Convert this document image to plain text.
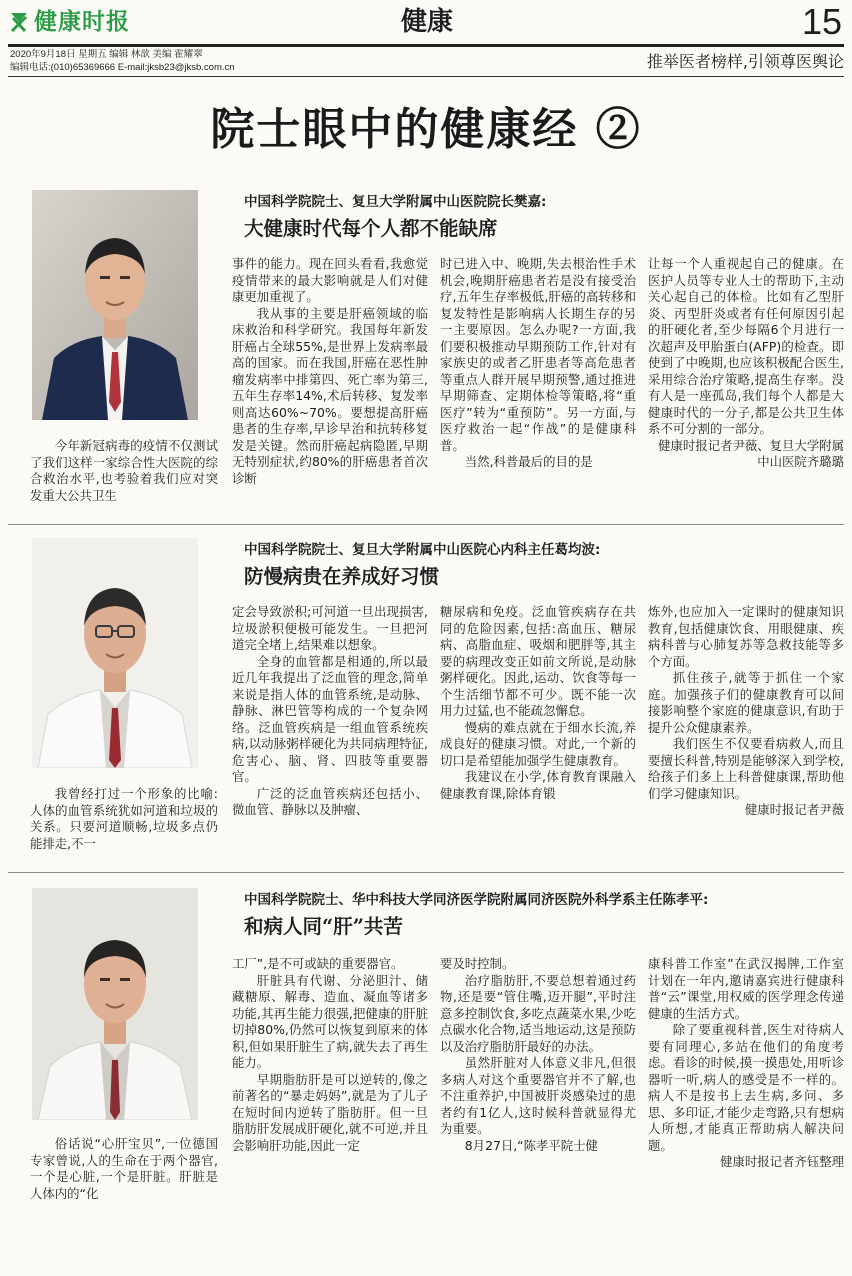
健康时报	健康	15
2020年9月18日 星期五 编辑 林歆 美编 霍耀翠
编辑电话:(010)65369666 E-mail:jksb23@jksb.com.cn	推举医者榜样,引领尊医舆论
院士眼中的健康经 ②
中国科学院院士、复旦大学附属中山医院院长樊嘉:
大健康时代每个人都不能缺席
今年新冠病毒的疫情不仅测试了我们这样一家综合性大医院的综合救治水平,也考验着我们应对突发重大公共卫生

事件的能力。现在回头看看,我愈觉疫情带来的最大影响就是人们对健康更加重视了。

我从事的主要是肝癌领域的临床救治和科学研究。我国每年新发肝癌占全球55%,是世界上发病率最高的国家。而在我国,肝癌在恶性肿瘤发病率中排第四、死亡率为第三,五年生存率14%,术后转移、复发率则高达60%~70%。要想提高肝癌患者的生存率,早诊早治和抗转移复发是关键。然而肝癌起病隐匿,早期无特别症状,约80%的肝癌患者首次诊断

时已进入中、晚期,失去根治性手术机会,晚期肝癌患者若是没有接受治疗,五年生存率极低,肝癌的高转移和复发特性是影响病人长期生存的另一主要原因。怎么办呢?一方面,我们要积极推动早期预防工作,针对有家族史的或者乙肝患者等高危患者等重点人群开展早期预警,通过推进早期筛查、定期体检等策略,将“重医疗”转为“重预防”。另一方面,与医疗救治一起“作战”的是健康科普。

当然,科普最后的目的是

让每一个人重视起自己的健康。在医护人员等专业人士的帮助下,主动关心起自己的体检。比如有乙型肝炎、丙型肝炎或者有任何原因引起的肝硬化者,至少每隔6个月进行一次超声及甲胎蛋白(AFP)的检查。即使到了中晚期,也应该积极配合医生,采用综合治疗策略,提高生存率。没有人是一座孤岛,我们每个人都是大健康时代的一分子,都是公共卫生体系不可分割的一部分。

健康时报记者尹薇、复旦大学附属中山医院齐璐璐

中国科学院院士、复旦大学附属中山医院心内科主任葛均波:
防慢病贵在养成好习惯
我曾经打过一个形象的比喻:人体的血管系统犹如河道和垃圾的关系。只要河道顺畅,垃圾多点仍能排走,不一

定会导致淤积;可河道一旦出现损害,垃圾淤积便极可能发生。一旦把河道完全堵上,结果难以想象。

全身的血管都是相通的,所以最近几年我提出了泛血管的理念,简单来说是指人体的血管系统,是动脉、静脉、淋巴管等构成的一个复杂网络。泛血管疾病是一组血管系统疾病,以动脉粥样硬化为共同病理特征,危害心、脑、肾、四肢等重要器官。

广泛的泛血管疾病还包括小、微血管、静脉以及肿瘤、

糖尿病和免疫。泛血管疾病存在共同的危险因素,包括:高血压、糖尿病、高脂血症、吸烟和肥胖等,其主要的病理改变正如前文所说,是动脉粥样硬化。因此,运动、饮食等每一个生活细节都不可少。既不能一次用力过猛,也不能疏忽懈怠。

慢病的难点就在于细水长流,养成良好的健康习惯。对此,一个新的切口是希望能加强学生健康教育。

我建议在小学,体育教育课融入健康教育课,除体育锻

炼外,也应加入一定课时的健康知识教育,包括健康饮食、用眼健康、疾病科普与心肺复苏等急救技能等多个方面。

抓住孩子,就等于抓住一个家庭。加强孩子们的健康教育可以间接影响整个家庭的健康意识,有助于提升公众健康素养。

我们医生不仅要看病救人,而且要擅长科普,特别是能够深入到学校,给孩子们多上上科普健康课,帮助他们学习健康知识。

健康时报记者尹薇

中国科学院院士、华中科技大学同济医学院附属同济医院外科学系主任陈孝平:
和病人同“肝”共苦
俗话说“心肝宝贝”,一位德国专家曾说,人的生命在于两个器官,一个是心脏,一个是肝脏。肝脏是人体内的“化

工厂”,是不可或缺的重要器官。

肝脏具有代谢、分泌胆汁、储藏糖原、解毒、造血、凝血等诸多功能,其再生能力很强,把健康的肝脏切掉80%,仍然可以恢复到原来的体积,但如果肝脏生了病,就失去了再生能力。

早期脂肪肝是可以逆转的,像之前著名的“暴走妈妈”,就是为了儿子在短时间内逆转了脂肪肝。但一旦脂肪肝发展成肝硬化,就不可逆,并且会影响肝功能,因此一定

要及时控制。

治疗脂肪肝,不要总想着通过药物,还是要“管住嘴,迈开腿”,平时注意多控制饮食,多吃点蔬菜水果,少吃点碳水化合物,适当地运动,这是预防以及治疗脂肪肝最好的办法。

虽然肝脏对人体意义非凡,但很多病人对这个重要器官并不了解,也不注重养护,中国被肝炎感染过的患者约有1亿人,这时候科普就显得尤为重要。

8月27日,“陈孝平院士健

康科普工作室”在武汉揭牌,工作室计划在一年内,邀请嘉宾进行健康科普“云”课堂,用权威的医学理念传递健康的生活方式。

除了要重视科普,医生对待病人要有同理心,多站在他们的角度考虑。看诊的时候,摸一摸患处,用听诊器听一听,病人的感受是不一样的。病人不是按书上去生病,多问、多思、多印证,才能少走弯路,只有想病人所想,才能真正帮助病人解决问题。

健康时报记者齐钰整理
